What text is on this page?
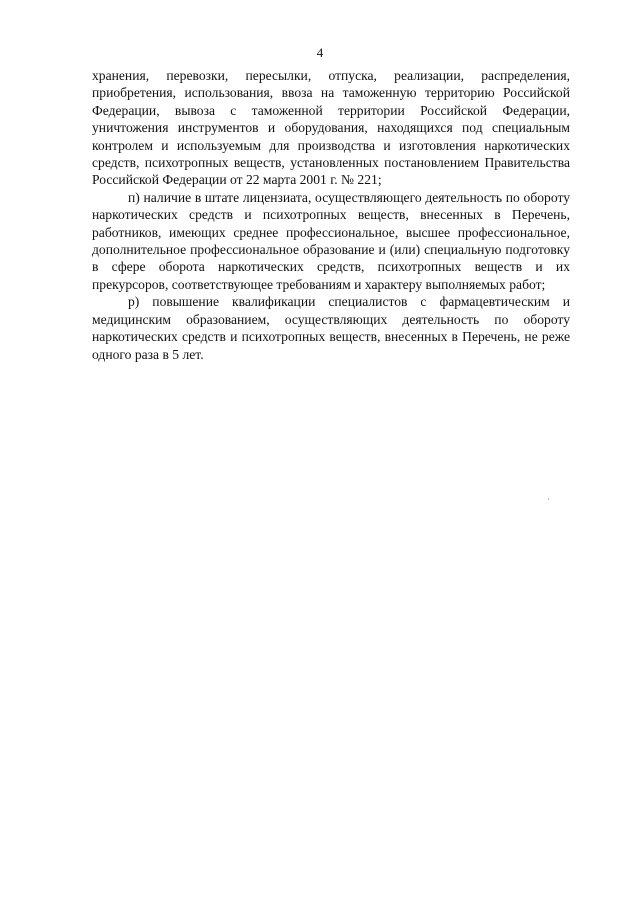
4

хранения, перевозки, пересылки, отпуска, реализации, распределения, приобретения, использования, ввоза на таможенную территорию Российской Федерации, вывоза с таможенной территории Российской Федерации, уничтожения инструментов и оборудования, находящихся под специальным контролем и используемым для производства и изготовления наркотических средств, психотропных веществ, установленных постановлением Правительства Российской Федерации от 22 марта 2001 г. № 221;

п) наличие в штате лицензиата, осуществляющего деятельность по обороту наркотических средств и психотропных веществ, внесенных в Перечень, работников, имеющих среднее профессиональное, высшее профессиональное, дополнительное профессиональное образование и (или) специальную подготовку в сфере оборота наркотических средств, психотропных веществ и их прекурсоров, соответствующее требованиям и характеру выполняемых работ;

р) повышение квалификации специалистов с фармацевтическим и медицинским образованием, осуществляющих деятельность по обороту наркотических средств и психотропных веществ, внесенных в Перечень, не реже одного раза в 5 лет.
